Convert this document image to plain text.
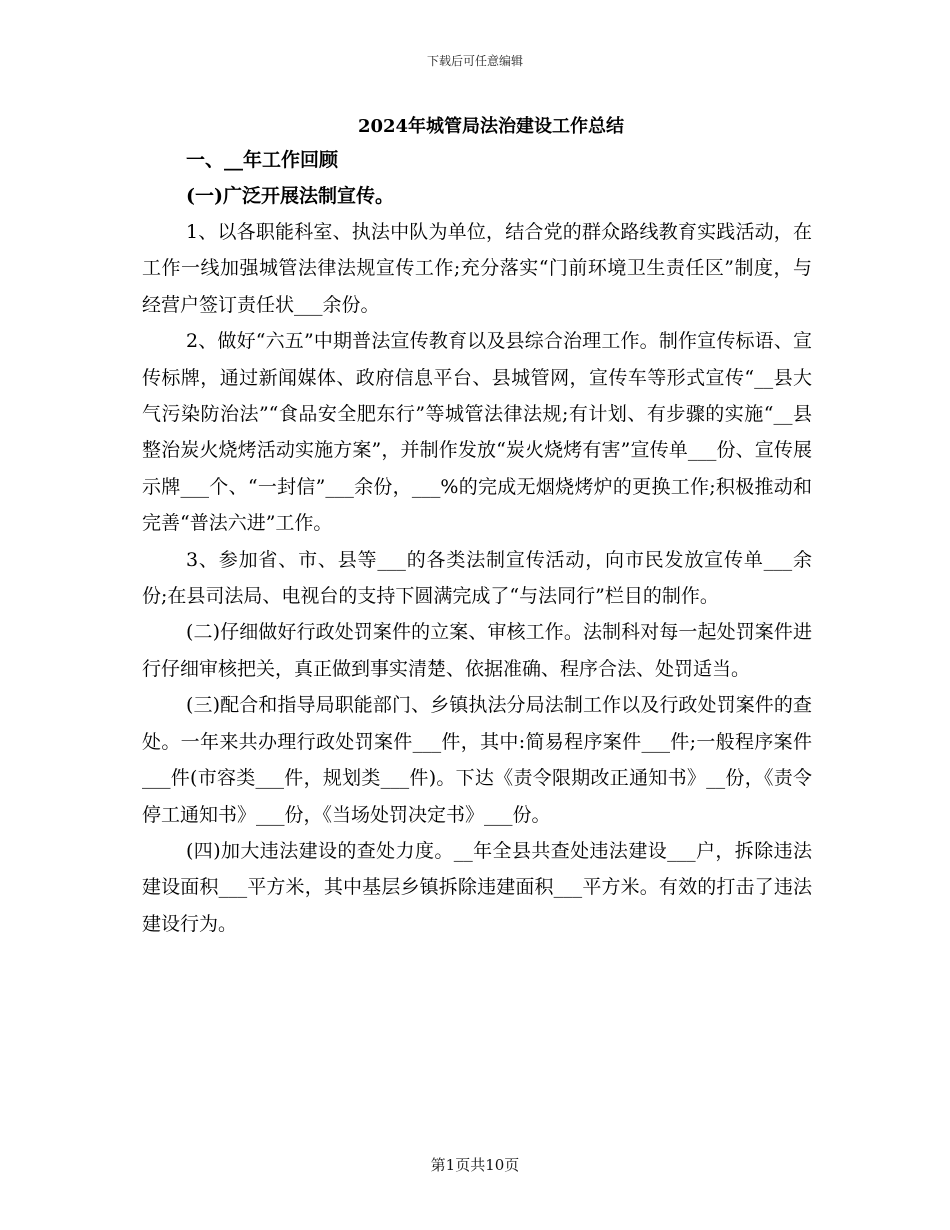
下载后可任意编辑
2024年城管局法治建设工作总结

一、__年工作回顾

(一)广泛开展法制宣传。

1、以各职能科室、执法中队为单位，结合党的群众路线教育实践活动，在工作一线加强城管法律法规宣传工作;充分落实“门前环境卫生责任区”制度，与经营户签订责任状___余份。

2、做好“六五”中期普法宣传教育以及县综合治理工作。制作宣传标语、宣传标牌，通过新闻媒体、政府信息平台、县城管网，宣传车等形式宣传“__县大气污染防治法”“食品安全肥东行”等城管法律法规;有计划、有步骤的实施“__县整治炭火烧烤活动实施方案”，并制作发放“炭火烧烤有害”宣传单___份、宣传展示牌___个、“一封信”___余份，___%的完成无烟烧烤炉的更换工作;积极推动和完善“普法六进”工作。

3、参加省、市、县等___的各类法制宣传活动，向市民发放宣传单___余份;在县司法局、电视台的支持下圆满完成了“与法同行”栏目的制作。

(二)仔细做好行政处罚案件的立案、审核工作。法制科对每一起处罚案件进行仔细审核把关，真正做到事实清楚、依据准确、程序合法、处罚适当。

(三)配合和指导局职能部门、乡镇执法分局法制工作以及行政处罚案件的查处。一年来共办理行政处罚案件___件，其中:简易程序案件___件;一般程序案件___件(市容类___件，规划类___件)。下达《责令限期改正通知书》__份，《责令停工通知书》___份，《当场处罚决定书》___份。

(四)加大违法建设的查处力度。__年全县共查处违法建设___户，拆除违法建设面积___平方米，其中基层乡镇拆除违建面积___平方米。有效的打击了违法建设行为。

第1页共10页
